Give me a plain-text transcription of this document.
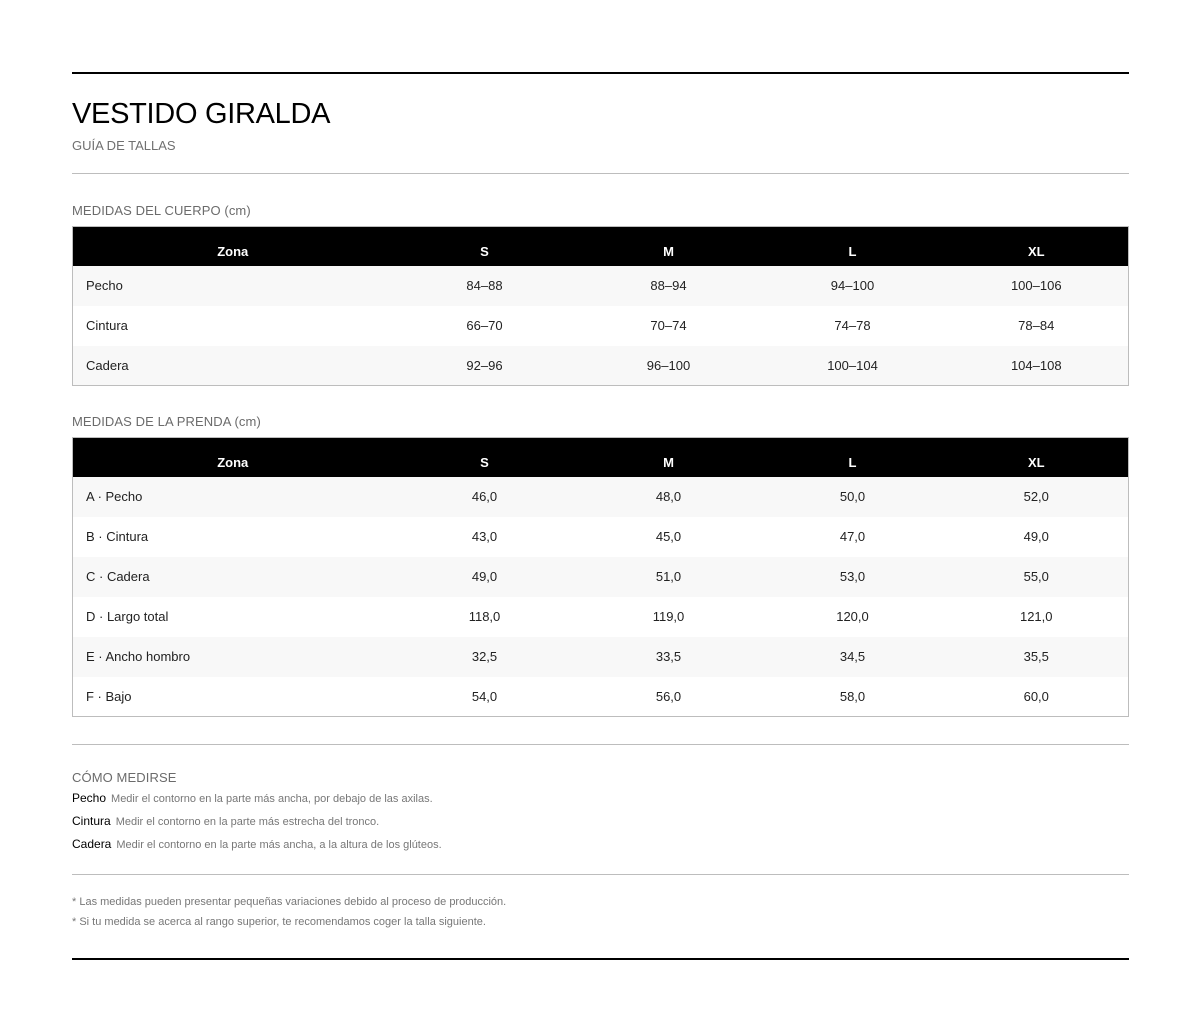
VESTIDO GIRALDA
GUÍA DE TALLAS
MEDIDAS DEL CUERPO (cm)
Zona	S	M	L	XL
Pecho	84–88	88–94	94–100	100–106
Cintura	66–70	70–74	74–78	78–84
Cadera	92–96	96–100	100–104	104–108
MEDIDAS DE LA PRENDA (cm)
Zona	S	M	L	XL
A · Pecho	46,0	48,0	50,0	52,0
B · Cintura	43,0	45,0	47,0	49,0
C · Cadera	49,0	51,0	53,0	55,0
D · Largo total	118,0	119,0	120,0	121,0
E · Ancho hombro	32,5	33,5	34,5	35,5
F · Bajo	54,0	56,0	58,0	60,0
CÓMO MEDIRSE
Pecho Medir el contorno en la parte más ancha, por debajo de las axilas.
Cintura Medir el contorno en la parte más estrecha del tronco.
Cadera Medir el contorno en la parte más ancha, a la altura de los glúteos.
* Las medidas pueden presentar pequeñas variaciones debido al proceso de producción.
* Si tu medida se acerca al rango superior, te recomendamos coger la talla siguiente.
